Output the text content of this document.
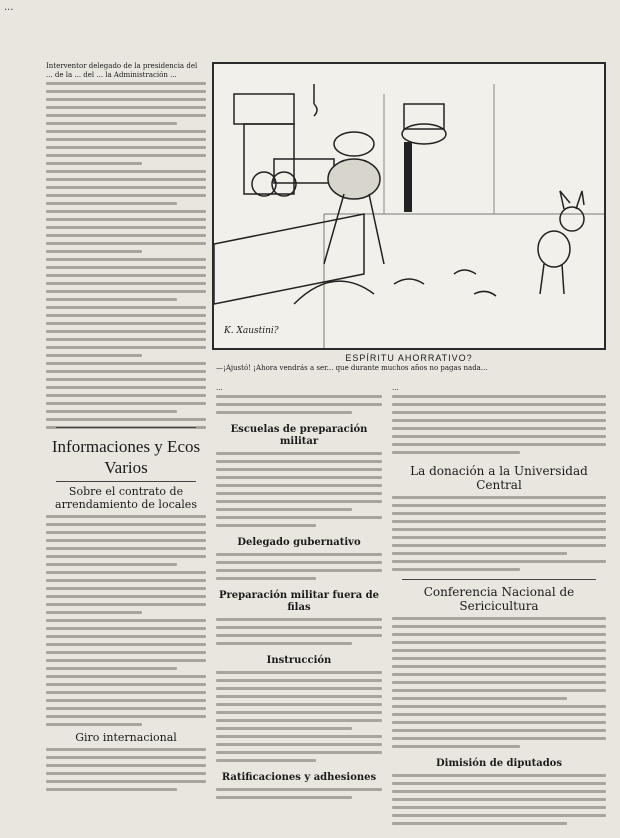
...
Interventor delegado de la presidencia del ... de la ... del ... la Administración ...
Informaciones y Ecos Varios
Sobre el contrato de arrendamiento de locales
Giro internacional
K. Xaustini?
ESPÍRITU AHORRATIVO?
—¡Ajustó! ¡Ahora vendrás a ser... que durante muchos años no pagas nada...
...
Escuelas de preparación militar
Delegado gubernativo
Preparación militar fuera de filas
Instrucción
Ratificaciones y adhesiones
...
La donación a la Universidad Central
Conferencia Nacional de Sericicultura
Dimisión de diputados
